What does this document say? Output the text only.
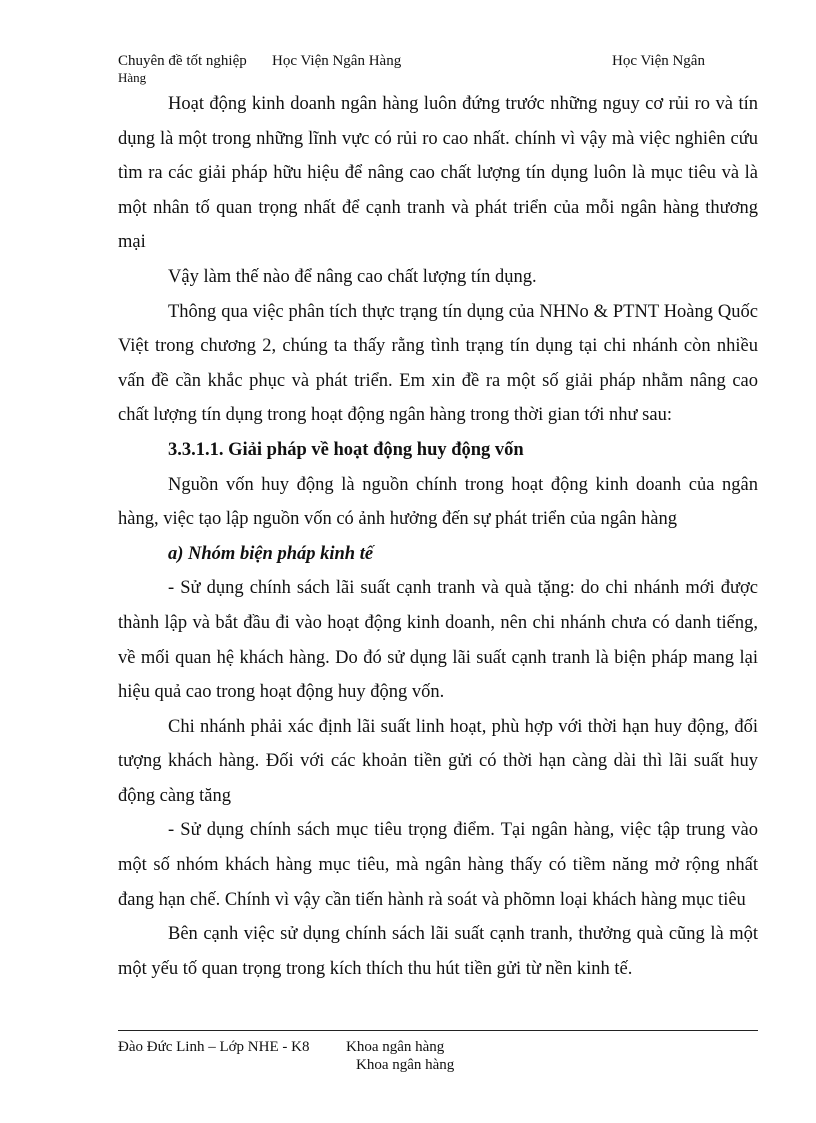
Chuyên đề tốt nghiệp Học Viện Ngân Hàng	Học Viện Ngân
Hàng

Hoạt động kinh doanh ngân hàng luôn đứng trước những nguy cơ rủi ro và tín dụng là một trong những lĩnh vực có rủi ro cao nhất. chính vì vậy mà việc nghiên cứu tìm ra các giải pháp hữu hiệu để nâng cao chất lượng tín dụng luôn là mục tiêu và là một nhân tố quan trọng nhất để cạnh tranh và phát triển của mỗi ngân hàng thương mại

Vậy làm thế nào để nâng cao chất lượng tín dụng.

Thông qua việc phân tích thực trạng tín dụng của NHNo & PTNT Hoàng Quốc Việt trong chương 2, chúng ta thấy rằng tình trạng tín dụng tại chi nhánh còn nhiều vấn đề cần khắc phục và phát triển. Em xin đề ra một số giải pháp nhằm nâng cao chất lượng tín dụng trong hoạt động ngân hàng trong thời gian tới như sau:

3.3.1.1. Giải pháp về hoạt động huy động vốn

Nguồn vốn huy động là nguồn chính trong hoạt động kinh doanh của ngân hàng, việc tạo lập nguồn vốn có ảnh hưởng đến sự phát triển của ngân hàng

a) Nhóm biện pháp kinh tế

- Sử dụng chính sách lãi suất cạnh tranh và quà tặng: do chi nhánh mới được thành lập và bắt đầu đi vào hoạt động kinh doanh, nên chi nhánh chưa có danh tiếng, về mối quan hệ khách hàng. Do đó sử dụng lãi suất cạnh tranh là biện pháp mang lại hiệu quả cao trong hoạt động huy động vốn.

Chi nhánh phải xác định lãi suất linh hoạt, phù hợp với thời hạn huy động, đối tượng khách hàng. Đối với các khoản tiền gửi có thời hạn càng dài thì lãi suất huy động càng tăng

- Sử dụng chính sách mục tiêu trọng điểm. Tại ngân hàng, việc tập trung vào một số nhóm khách hàng mục tiêu, mà ngân hàng thấy có tiềm năng mở rộng nhất đang hạn chế. Chính vì vậy cần tiến hành rà soát và phõmn loại khách hàng mục tiêu

Bên cạnh việc sử dụng chính sách lãi suất cạnh tranh, thưởng quà cũng là một một yếu tố quan trọng trong kích thích thu hút tiền gửi từ nền kinh tế.

Đào Đức Linh – Lớp NHE - K8 Khoa ngân hàng
Khoa ngân hàng
